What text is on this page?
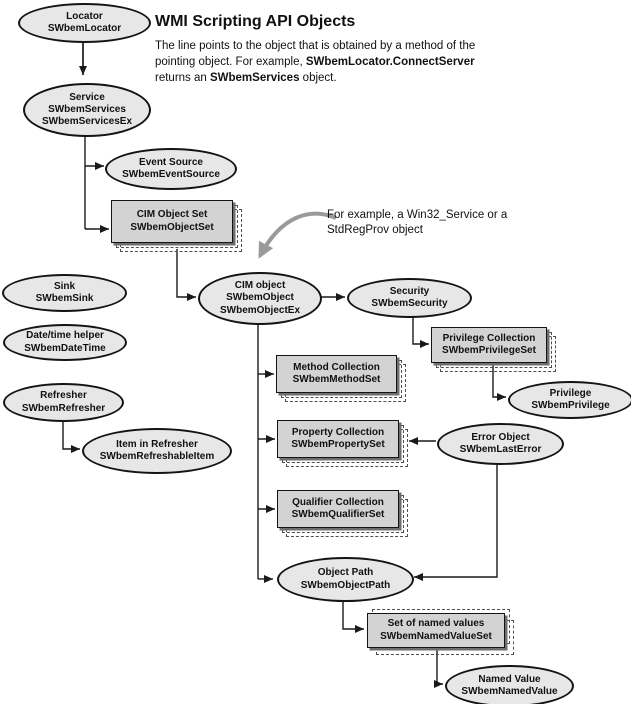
WMI Scripting API Objects
The line points to the object that is obtained by a method of the pointing object. For example, SWbemLocator.ConnectServer returns an SWbemServices object.
For example, a Win32_Service or a StdRegProv object
Locator
SWbemLocator
Service
SWbemServices
SWbemServicesEx
Event Source
SWbemEventSource
Sink
SWbemSink
Date/time helper
SWbemDateTime
Refresher
SWbemRefresher
Item in Refresher
SWbemRefreshableItem
CIM object
SWbemObject
SWbemObjectEx
Security
SWbemSecurity
Privilege
SWbemPrivilege
Error Object
SWbemLastError
Object Path
SWbemObjectPath
Named Value
SWbemNamedValue
CIM Object Set
SWbemObjectSet
Privilege Collection
SWbemPrivilegeSet
Method Collection
SWbemMethodSet
Property Collection
SWbemPropertySet
Qualifier Collection
SWbemQualifierSet
Set of named values
SWbemNamedValueSet
